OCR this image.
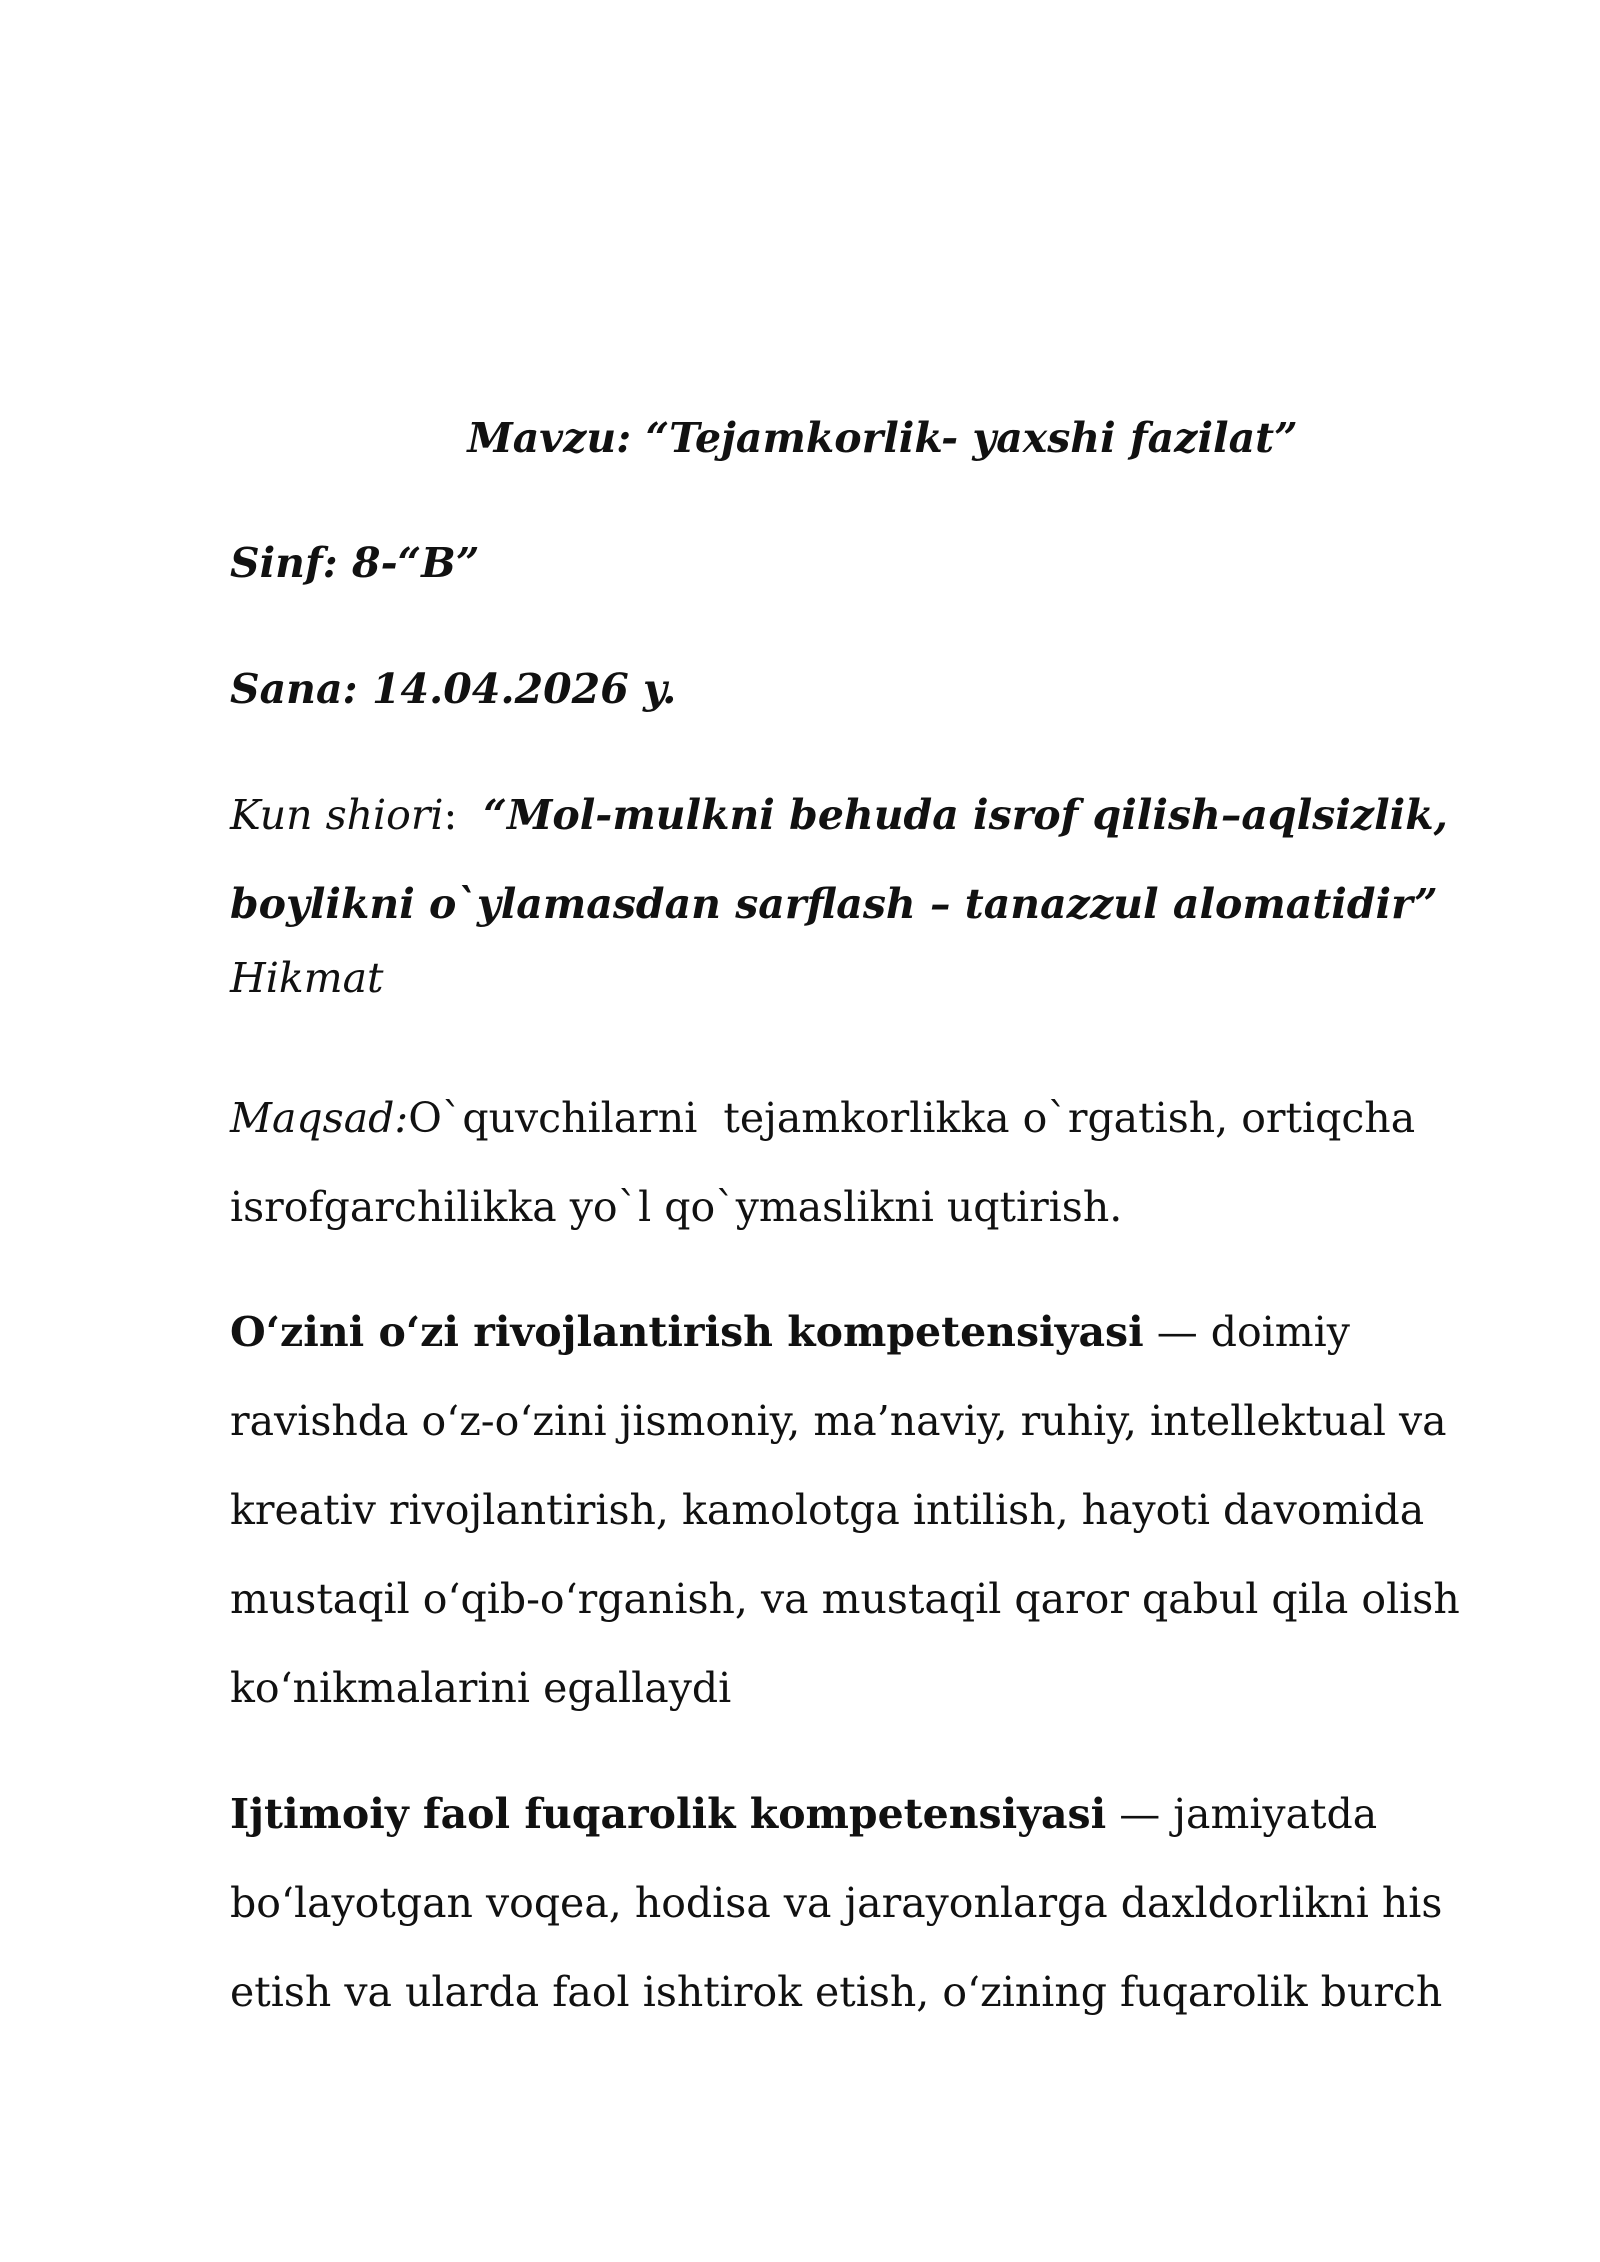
Mavzu: “Tejamkorlik- yaxshi fazilat”

Sinf: 8-“B”

Sana: 14.04.2026 y.

Kun shiori:  “Mol-mulkni behuda isrof qilish–aqlsizlik,
boylikni o`ylamasdan sarflash – tanazzul alomatidir”

Hikmat

Maqsad:O`quvchilarni  tejamkorlikka o`rgatish, ortiqcha
isrofgarchilikka yo`l qo`ymaslikni uqtirish.
O‘zini o‘zi rivojlantirish kompetensiyasi — doimiy
ravishda o‘z-o‘zini jismoniy, ma’naviy, ruhiy, intellektual va
kreativ rivojlantirish, kamolotga intilish, hayoti davomida
mustaqil o‘qib-o‘rganish, va mustaqil qaror qabul qila olish
ko‘nikmalarini egallaydi
Ijtimoiy faol fuqarolik kompetensiyasi — jamiyatda
bo‘layotgan voqea, hodisa va jarayonlarga daxldorlikni his
etish va ularda faol ishtirok etish, o‘zining fuqarolik burch
